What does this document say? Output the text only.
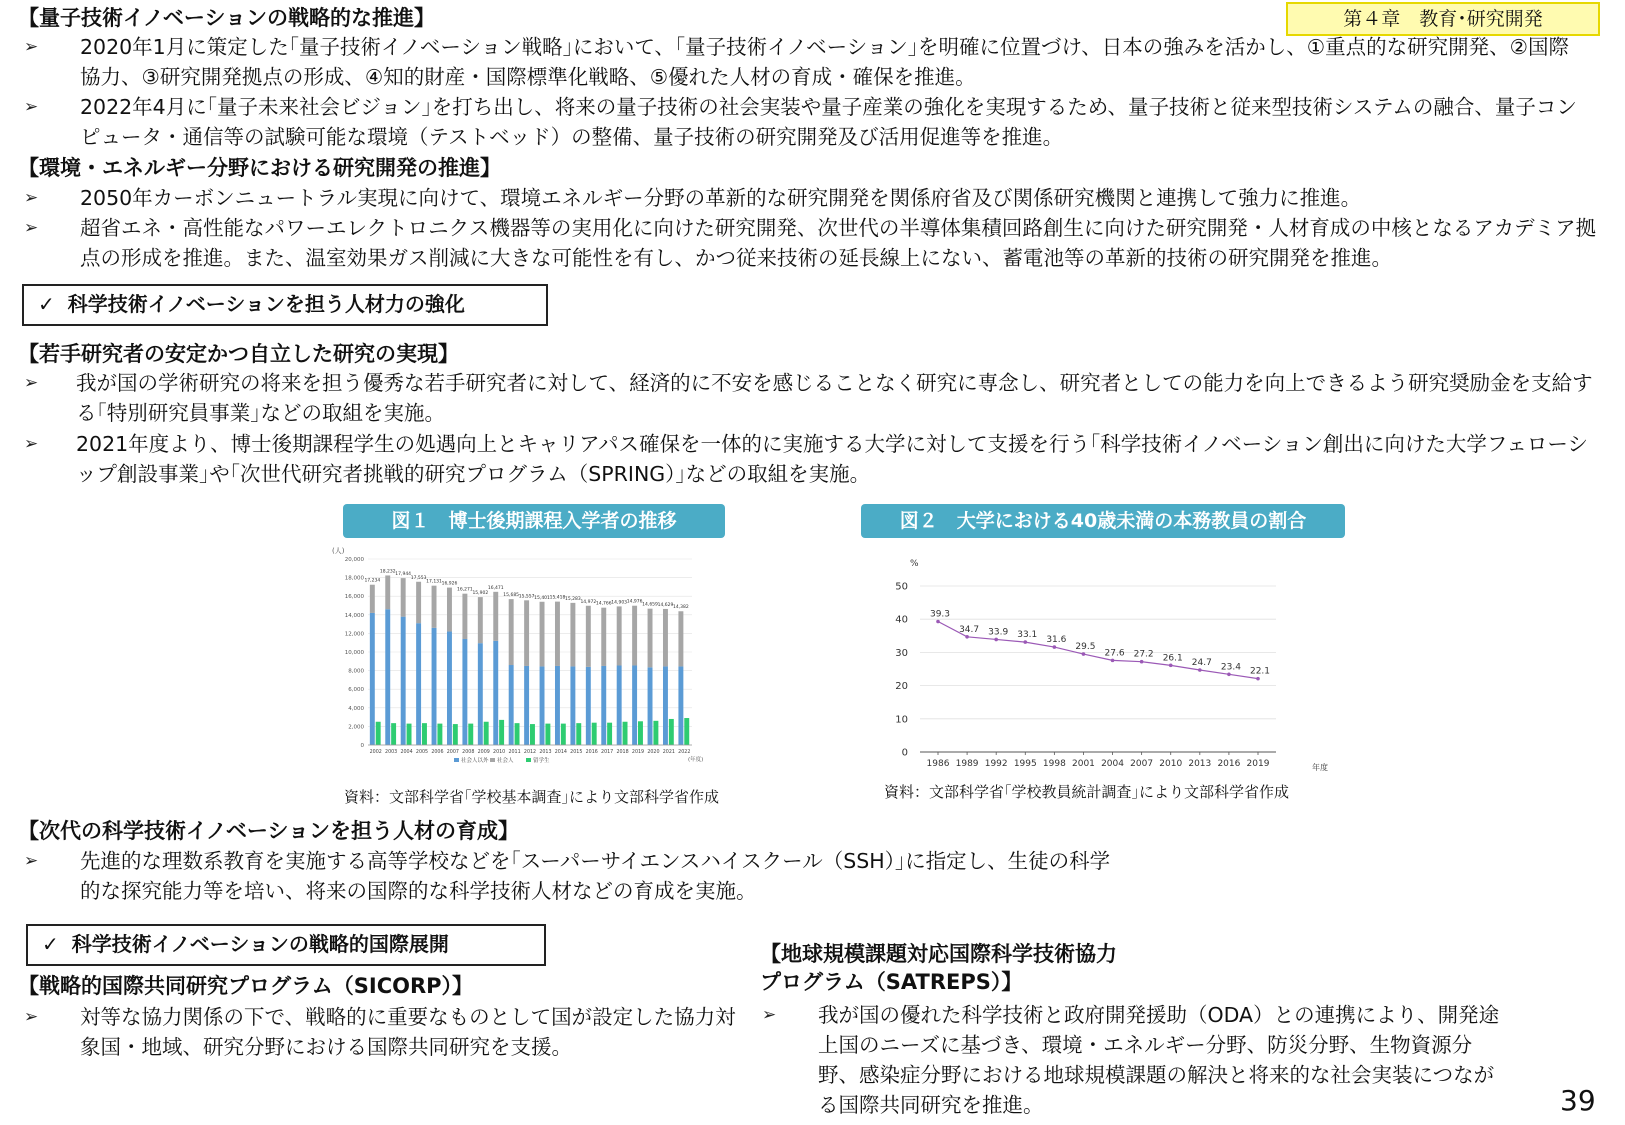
第４章　教育･研究開発
【量子技術イノベーションの戦略的な推進】
➢ 2020年1月に策定した｢量子技術イノベーション戦略｣において、｢量子技術イノベーション｣を明確に位置づけ、日本の強みを活かし、①重点的な研究開発、②国際協力、③研究開発拠点の形成、④知的財産・国際標準化戦略、⑤優れた人材の育成・確保を推進。
➢ 2022年4月に｢量子未来社会ビジョン｣を打ち出し、将来の量子技術の社会実装や量子産業の強化を実現するため、量子技術と従来型技術システムの融合、量子コンピュータ・通信等の試験可能な環境（テストベッド）の整備、量子技術の研究開発及び活用促進等を推進。
【環境・エネルギー分野における研究開発の推進】
➢ 2050年カーボンニュートラル実現に向けて、環境エネルギー分野の革新的な研究開発を関係府省及び関係研究機関と連携して強力に推進。
➢ 超省エネ・高性能なパワーエレクトロニクス機器等の実用化に向けた研究開発、次世代の半導体集積回路創生に向けた研究開発・人材育成の中核となるアカデミア拠点の形成を推進。また、温室効果ガス削減に大きな可能性を有し、かつ従来技術の延長線上にない、蓄電池等の革新的技術の研究開発を推進。
✓ 科学技術イノベーションを担う人材力の強化
【若手研究者の安定かつ自立した研究の実現】
➢ 我が国の学術研究の将来を担う優秀な若手研究者に対して、経済的に不安を感じることなく研究に専念し、研究者としての能力を向上できるよう研究奨励金を支給する｢特別研究員事業｣などの取組を実施。
➢ 2021年度より、博士後期課程学生の処遇向上とキャリアパス確保を一体的に実施する大学に対して支援を行う｢科学技術イノベーション創出に向けた大学フェローシップ創設事業｣や｢次世代研究者挑戦的研究プログラム（SPRING）｣などの取組を実施。
図１　博士後期課程入学者の推移
(人)
0
2,000
4,000
6,000
8,000
10,000
12,000
14,000
16,000
18,000
20,000
17,234
2002
18,232
2003
17,944
2004
17,553
2005
17,131
2006
16,926
2007
16,271
2008
15,902
2009
16,471
2010
15,685
2011
15,557
2012
15,401
2013
15,418
2014
15,283
2015
14,972
2016
14,766
2017
14,903
2018
14,976
2019
14,659
2020
14,629
2021
14,382
2022
(年度)
社会人以外 社会人	留学生
資料：文部科学省｢学校基本調査｣により文部科学省作成
図２　大学における40歳未満の本務教員の割合
%
0
10
20
30
40
50
39.3
34.7 33.9 33.1 31.6
29.5
27.6 27.2 26.1 24.7 23.4 22.1
1986 1989 1992 1995 1998 2001 2004 2007 2010 2013 2016 2019	年度
資料：文部科学省｢学校教員統計調査｣により文部科学省作成
【次代の科学技術イノベーションを担う人材の育成】
➢ 先進的な理数系教育を実施する高等学校などを｢スーパーサイエンスハイスクール（SSH）｣に指定し、生徒の科学的な探究能力等を培い、将来の国際的な科学技術人材などの育成を実施。
✓ 科学技術イノベーションの戦略的国際展開
【戦略的国際共同研究プログラム（SICORP）】
➢ 対等な協力関係の下で、戦略的に重要なものとして国が設定した協力対象国・地域、研究分野における国際共同研究を支援。
【地球規模課題対応国際科学技術協力
プログラム（SATREPS）】
➢ 我が国の優れた科学技術と政府開発援助（ODA）との連携により、開発途上国のニーズに基づき、環境・エネルギー分野、防災分野、生物資源分野、感染症分野における地球規模課題の解決と将来的な社会実装につながる国際共同研究を推進。	39
